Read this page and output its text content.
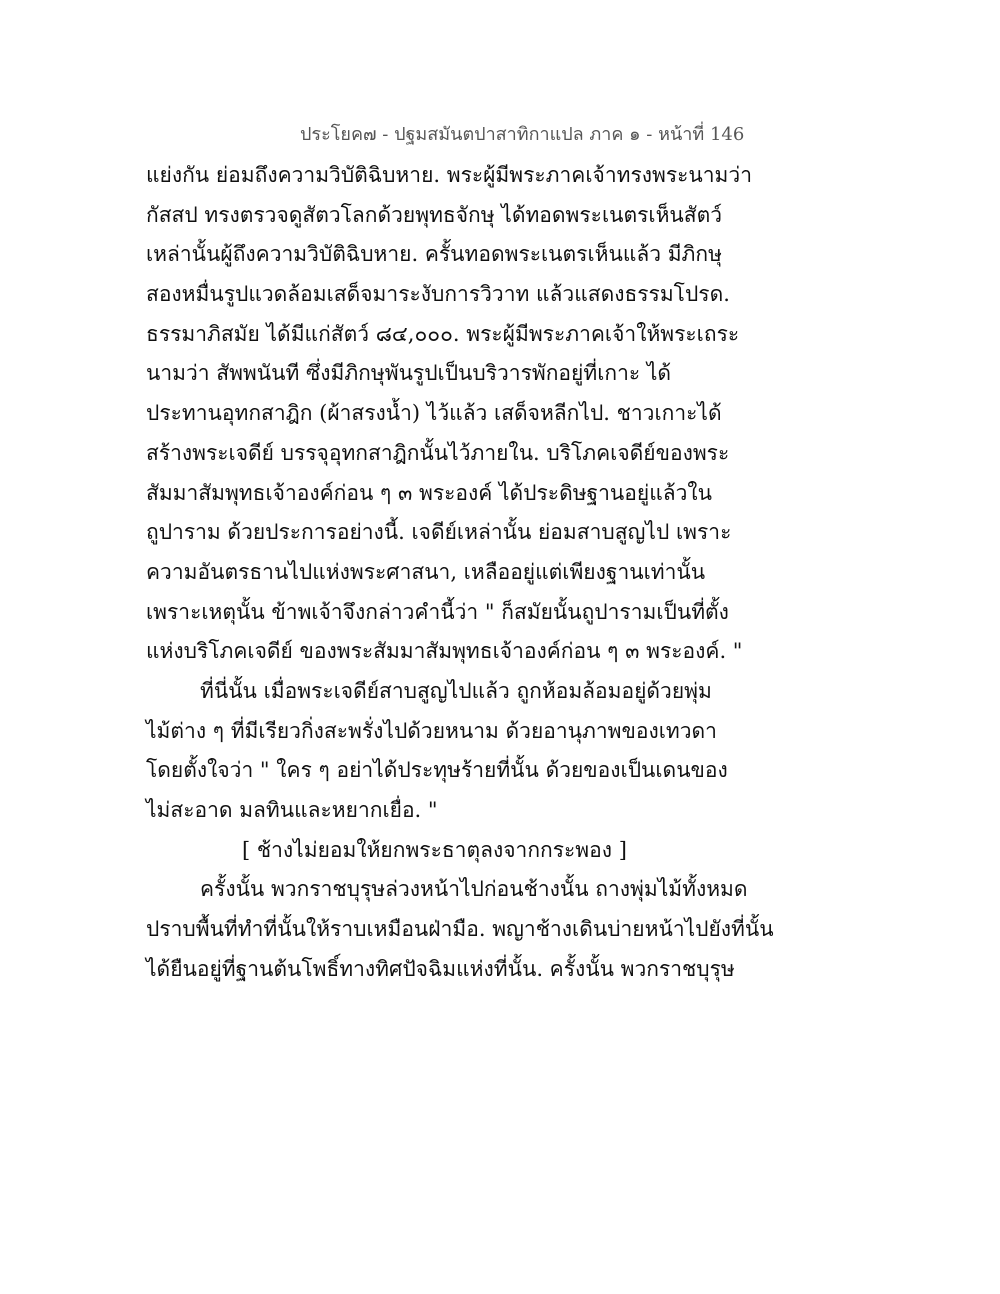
ประโยค๗ - ปฐมสมันตปาสาทิกาแปล ภาค ๑ - หน้าที่ 146
แย่งกัน ย่อมถึงความวิบัติฉิบหาย. พระผู้มีพระภาคเจ้าทรงพระนามว่า
กัสสป ทรงตรวจดูสัตวโลกด้วยพุทธจักษุ ได้ทอดพระเนตรเห็นสัตว์
เหล่านั้นผู้ถึงความวิบัติฉิบหาย. ครั้นทอดพระเนตรเห็นแล้ว มีภิกษุ
สองหมื่นรูปแวดล้อมเสด็จมาระงับการวิวาท แล้วแสดงธรรมโปรด.
ธรรมาภิสมัย ได้มีแก่สัตว์ ๘๔,๐๐๐. พระผู้มีพระภาคเจ้าให้พระเถระ
นามว่า สัพพนันที ซึ่งมีภิกษุพันรูปเป็นบริวารพักอยู่ที่เกาะ ได้
ประทานอุทกสาฎิก (ผ้าสรงน้ำ) ไว้แล้ว เสด็จหลีกไป. ชาวเกาะได้
สร้างพระเจดีย์ บรรจุอุทกสาฎิกนั้นไว้ภายใน. บริโภคเจดีย์ของพระ
สัมมาสัมพุทธเจ้าองค์ก่อน ๆ ๓ พระองค์ ได้ประดิษฐานอยู่แล้วใน
ถูปาราม ด้วยประการอย่างนี้. เจดีย์เหล่านั้น ย่อมสาบสูญไป เพราะ
ความอันตรธานไปแห่งพระศาสนา, เหลืออยู่แต่เพียงฐานเท่านั้น
เพราะเหตุนั้น ข้าพเจ้าจึงกล่าวคำนี้ว่า " ก็สมัยนั้นถูปารามเป็นที่ตั้ง
แห่งบริโภคเจดีย์ ของพระสัมมาสัมพุทธเจ้าองค์ก่อน ๆ ๓ พระองค์. "
ที่นี่นั้น เมื่อพระเจดีย์สาบสูญไปแล้ว ถูกห้อมล้อมอยู่ด้วยพุ่ม
ไม้ต่าง ๆ ที่มีเรียวกิ่งสะพรั่งไปด้วยหนาม ด้วยอานุภาพของเทวดา
โดยตั้งใจว่า " ใคร ๆ อย่าได้ประทุษร้ายที่นั้น ด้วยของเป็นเดนของ
ไม่สะอาด มลทินและหยากเยื่อ. "
[ ช้างไม่ยอมให้ยกพระธาตุลงจากกระพอง ]
ครั้งนั้น พวกราชบุรุษล่วงหน้าไปก่อนช้างนั้น ถางพุ่มไม้ทั้งหมด
ปราบพื้นที่ทำที่นั้นให้ราบเหมือนฝ่ามือ. พญาช้างเดินบ่ายหน้าไปยังที่นั้น
ได้ยืนอยู่ที่ฐานต้นโพธิ์ทางทิศปัจฉิมแห่งที่นั้น. ครั้งนั้น พวกราชบุรุษ
